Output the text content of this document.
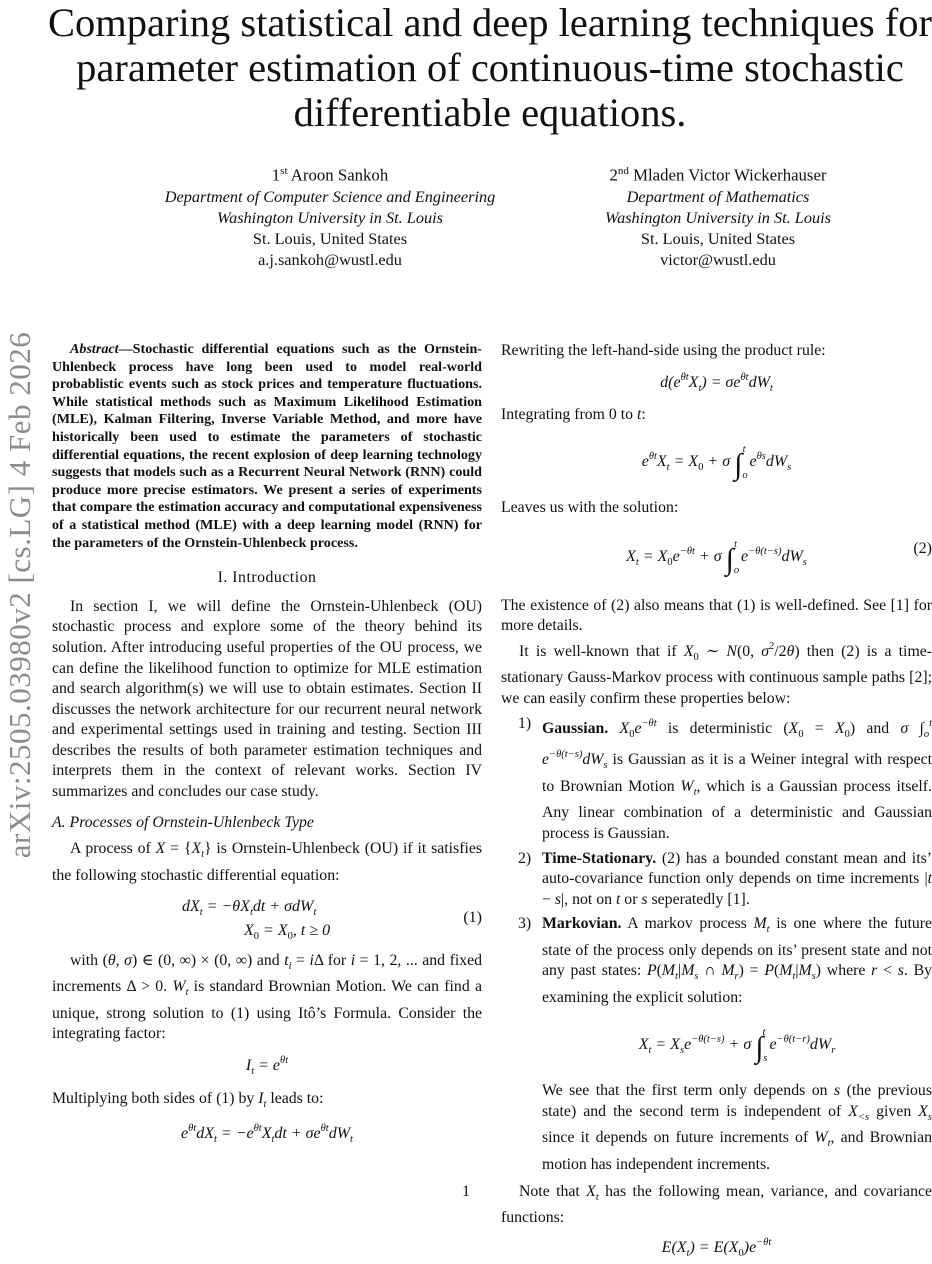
arXiv:2505.03980v2 [cs.LG] 4 Feb 2026
Comparing statistical and deep learning techniques for parameter estimation of continuous-time stochastic differentiable equations.
1st Aroon Sankoh
Department of Computer Science and Engineering
Washington University in St. Louis
St. Louis, United States
a.j.sankoh@wustl.edu
2nd Mladen Victor Wickerhauser
Department of Mathematics
Washington University in St. Louis
St. Louis, United States
victor@wustl.edu

Abstract—Stochastic differential equations such as the Ornstein-Uhlenbeck process have long been used to model real-world probablistic events such as stock prices and temperature fluctuations. While statistical methods such as Maximum Likelihood Estimation (MLE), Kalman Filtering, Inverse Variable Method, and more have historically been used to estimate the parameters of stochastic differential equations, the recent explosion of deep learning technology suggests that models such as a Recurrent Neural Network (RNN) could produce more precise estimators. We present a series of experiments that compare the estimation accuracy and computational expensiveness of a statistical method (MLE) with a deep learning model (RNN) for the parameters of the Ornstein-Uhlenbeck process.

I. Introduction

In section I, we will define the Ornstein-Uhlenbeck (OU) stochastic process and explore some of the theory behind its solution. After introducing useful properties of the OU process, we can define the likelihood function to optimize for MLE estimation and search algorithm(s) we will use to obtain estimates. Section II discusses the network architecture for our recurrent neural network and experimental settings used in training and testing. Section III describes the results of both parameter estimation techniques and interprets them in the context of relevant works. Section IV summarizes and concludes our case study.

A. Processes of Ornstein-Uhlenbeck Type

A process of $X = \{X_t\}$ is Ornstein-Uhlenbeck (OU) if it satisfies the following stochastic differential equation:

$dX_t = -\theta X_tdt + \sigma dW_t$
$X_0 = X_0$, t ≥ 0
(1)

with (θ, σ) ∈ (0, ∞) × (0, ∞) and $t_i = i\Delta$ for i = 1, 2, ... and fixed increments Δ > 0. $W_t$ is standard Brownian Motion. We can find a unique, strong solution to (1) using Itô’s Formula. Consider the integrating factor:

$I_t = e^{\theta t}$

Multiplying both sides of (1) by $I_t$ leads to:

$e^{\theta t}dX_t = -e^{\theta t}X_tdt + \sigma e^{\theta t}dW_t$

Rewriting the left-hand-side using the product rule:

$d(e^{\theta t}X_t) = \sigma e^{\theta t}dW_t$

Integrating from 0 to t:

$e^{\theta t}X_t = X_0 + \sigma$ $\int_o^t$ $e^{\theta s}dW_s$

Leaves us with the solution:

$X_t = X_0e^{-\theta t} + \sigma$ $\int_o^t$ $e^{-\theta(t-s)}dW_s$
(2)

The existence of (2) also means that (1) is well-defined. See [1] for more details.

It is well-known that if $X_0$ ∼ N(0, $\sigma^2/2\theta$) then (2) is a time-stationary Gauss-Markov process with continuous sample paths [2]; we can easily confirm these properties below:

1) Gaussian. $X_0e^{-\theta t}$ is deterministic $(X_0 = X_0)$ and σ $\int_o^t$ $e^{-\theta(t-s)}dW_s$ is Gaussian as it is a Weiner integral with respect to Brownian Motion $W_t$, which is a Gaussian process itself. Any linear combination of a deterministic and Gaussian process is Gaussian.
2) Time-Stationary. (2) has a bounded constant mean and its’ auto-covariance function only depends on time increments |t − s|, not on t or s seperatedly [1].
3) Markovian. A markov process $M_t$ is one where the future state of the process only depends on its’ present state and not any past states: $P(M_t|M_s$ ∩ $M_r) = P(M_t|M_s)$ where r < s. By examining the explicit solution:
$X_t = X_se^{-\theta(t-s)} + \sigma$ $\int_s^t$ $e^{-\theta(t-r)}dW_r$

We see that the first term only depends on s (the previous state) and the second term is independent of $X_{<s}$ given $X_s$ since it depends on future increments of $W_t$, and Brownian motion has independent increments.

Note that $X_t$ has the following mean, variance, and covariance functions:

$E(X_t) = E(X_0)e^{-\theta t}$
1
